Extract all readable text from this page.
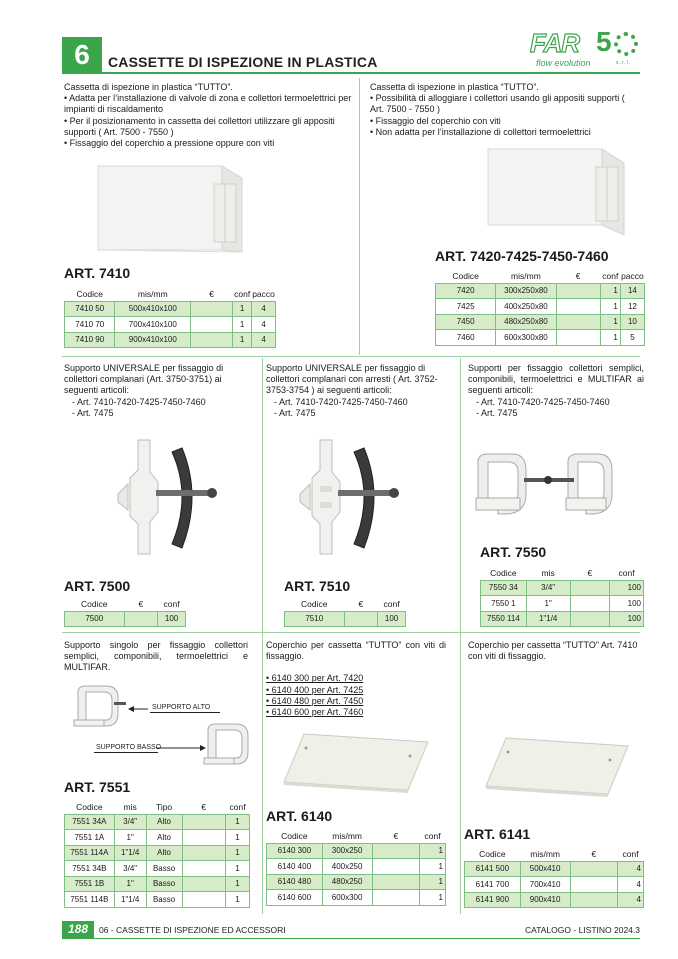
6	CASSETTE DI ISPEZIONE IN PLASTICA
FAR 5
flow evolution	s.r.l.
Cassetta di ispezione in plastica “TUTTO”.
• Adatta per l’installazione di valvole di zona e collettori termoelettrici per impianti di riscaldamento
• Per il posizionamento in cassetta dei collettori utilizzare gli appositi supporti ( Art. 7500 - 7550 )
• Fissaggio del coperchio a pressione oppure con viti
ART. 7410
Codice	mis/mm	€	conf	pacco
7410 50	500x410x100		1	4
7410 70	700x410x100		1	4
7410 90	900x410x100		1	4
Cassetta di ispezione in plastica “TUTTO”.
• Possibilità di alloggiare i collettori usando gli appositi supporti ( Art. 7500 - 7550 )
• Fissaggio del coperchio con viti
• Non adatta per l’installazione di collettori termoelettrici
ART. 7420-7425-7450-7460
Codice	mis/mm	€	conf	pacco
7420	300x250x80		1	14
7425	400x250x80		1	12
7450	480x250x80		1	10
7460	600x300x80		1	5
Supporto UNIVERSALE per fissaggio di collettori complanari (Art. 3750-3751) ai seguenti articoli:
- Art. 7410-7420-7425-7450-7460
- Art. 7475
ART. 7500
Codice	€	conf
7500		100
Supporto UNIVERSALE per fissaggio di collettori complanari con arresti ( Art. 3752-3753-3754 ) ai seguenti articoli:
- Art. 7410-7420-7425-7450-7460
- Art. 7475
ART. 7510
Codice	€	conf
7510		100
Supporti per fissaggio collettori semplici, componibili, termoelettrici e MULTIFAR ai seguenti articoli:
- Art. 7410-7420-7425-7450-7460
- Art. 7475
ART. 7550
Codice	mis	€	conf
7550 34	3/4"		100
7550 1	1"		100
7550 114	1"1/4		100
Supporto singolo per fissaggio collettori semplici, componibili, termoelettrici e MULTIFAR.
SUPPORTO ALTO
SUPPORTO BASSO
ART. 7551
Codice	mis	Tipo	€	conf
7551 34A	3/4"	Alto		1
7551 1A	1"	Alto		1
7551 114A	1"1/4	Alto		1
7551 34B	3/4"	Basso		1
7551 1B	1"	Basso		1
7551 114B	1"1/4	Basso		1
Coperchio per cassetta “TUTTO” con viti di fissaggio.
• 6140 300 per Art. 7420
• 6140 400 per Art. 7425
• 6140 480 per Art. 7450
• 6140 600 per Art. 7460
ART. 6140
Codice	mis/mm	€	conf
6140 300	300x250		1
6140 400	400x250		1
6140 480	480x250		1
6140 600	600x300		1
Coperchio per cassetta “TUTTO” Art. 7410 con viti di fissaggio.
ART. 6141
Codice	mis/mm	€	conf
6141 500	500x410		4
6141 700	700x410		4
6141 900	900x410		4
188	06 - CASSETTE DI ISPEZIONE ED ACCESSORI	CATALOGO - LISTINO 2024.3
